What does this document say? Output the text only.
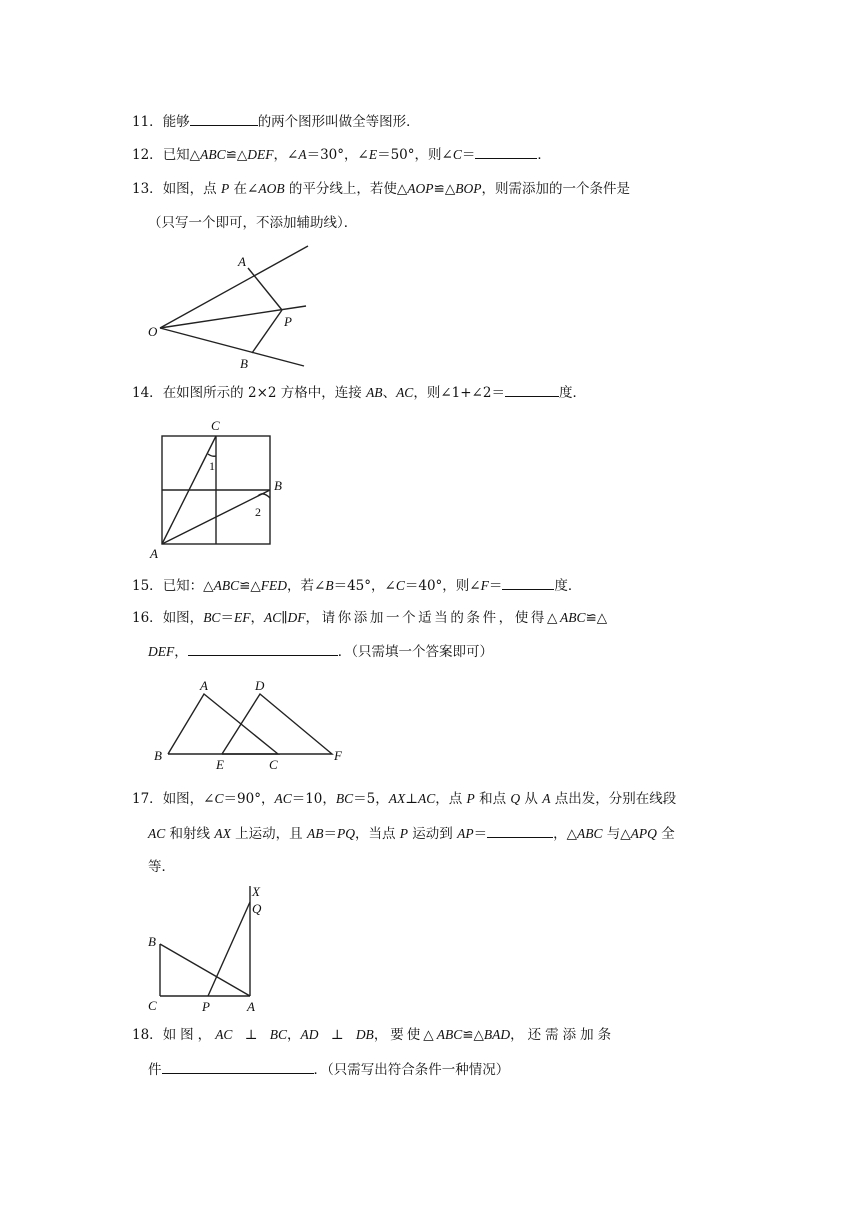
11．能够	的两个图形叫做全等图形．
12．已知△ABC≌△DEF，∠A＝30°，∠E＝50°，则∠C＝	．
13．如图，点 P 在∠AOB 的平分线上，若使△AOP≌△BOP，则需添加的一个条件是
（只写一个即可，不添加辅助线）．
A
O
P
B
14．在如图所示的 2×2 方格中，连接 AB、AC，则∠1+∠2＝	度．
C
B
A
1
2
15．已知：△ABC≌△FED，若∠B＝45°，∠C＝40°，则∠F＝	度．
16．如图，BC＝EF，AC∥DF，请你添加一个适当的条件，使得△ABC≌△
DEF，	．（只需填一个答案即可）
A	D
B
E	C
F
17．如图，∠C＝90°，AC＝10，BC＝5，AX⊥AC，点 P 和点 Q 从 A 点出发，分别在线段
AC 和射线 AX 上运动，且 AB＝PQ，当点 P 运动到 AP＝	，△ABC 与△APQ 全
等．
X
Q
B
C	P	A
18．如图，AC ⊥ BC，AD ⊥ DB，要使△ABC≌△BAD，还需添加条
件	．（只需写出符合条件一种情况）
